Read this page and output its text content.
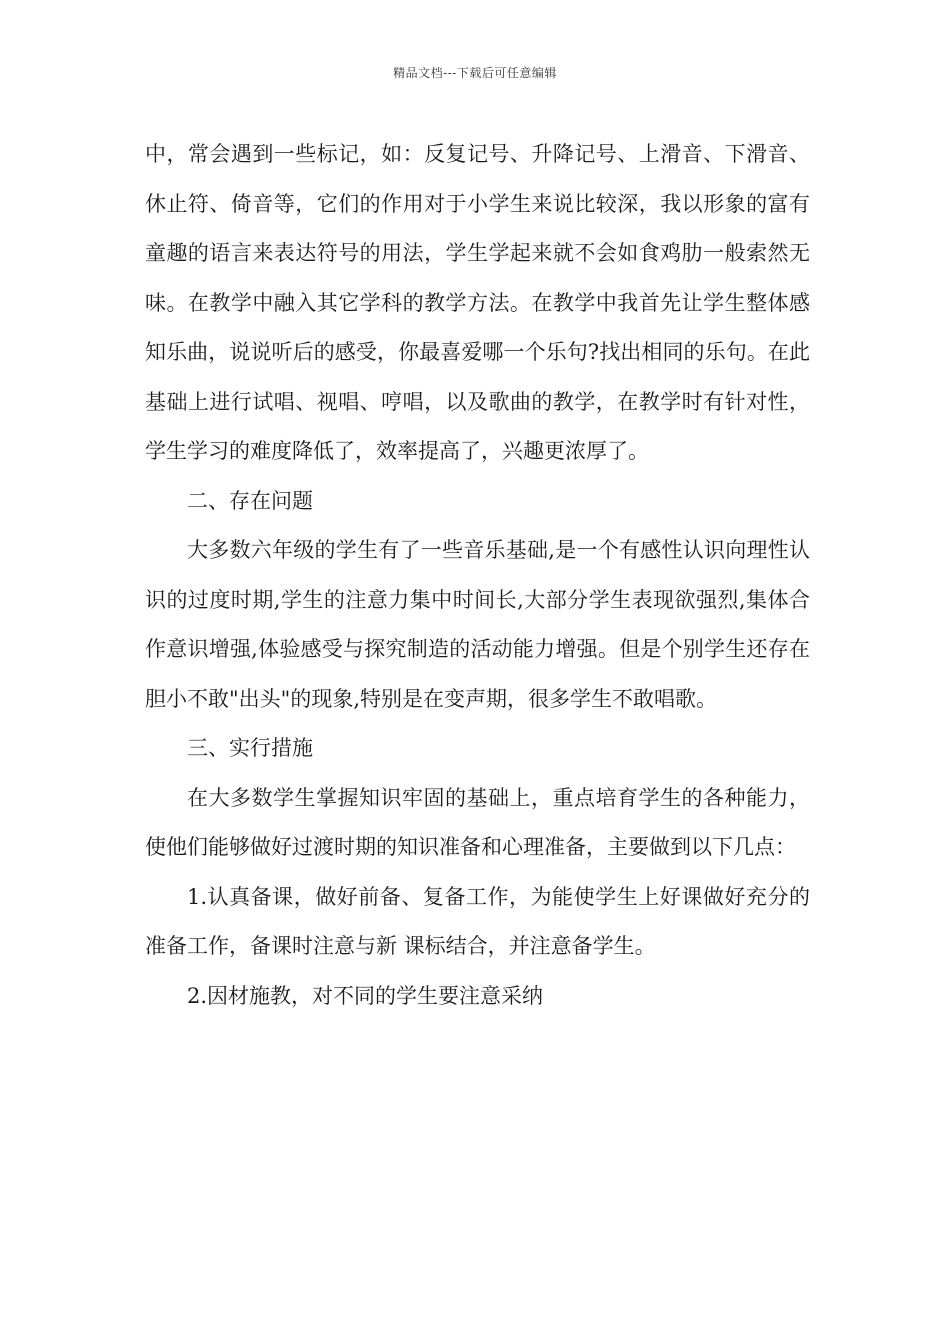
精品文档---下载后可任意编辑

中，常会遇到一些标记，如：反复记号、升降记号、上滑音、下滑音、休止符、倚音等，它们的作用对于小学生来说比较深，我以形象的富有童趣的语言来表达符号的用法，学生学起来就不会如食鸡肋一般索然无味。在教学中融入其它学科的教学方法。在教学中我首先让学生整体感知乐曲，说说听后的感受，你最喜爱哪一个乐句?找出相同的乐句。在此基础上进行试唱、视唱、哼唱，以及歌曲的教学，在教学时有针对性，学生学习的难度降低了，效率提高了，兴趣更浓厚了。

二、存在问题

大多数六年级的学生有了一些音乐基础,是一个有感性认识向理性认识的过度时期,学生的注意力集中时间长,大部分学生表现欲强烈,集体合作意识增强,体验感受与探究制造的活动能力增强。但是个别学生还存在胆小不敢"出头"的现象,特别是在变声期，很多学生不敢唱歌。

三、实行措施

在大多数学生掌握知识牢固的基础上，重点培育学生的各种能力，使他们能够做好过渡时期的知识准备和心理准备，主要做到以下几点：

1.认真备课，做好前备、复备工作，为能使学生上好课做好充分的准备工作，备课时注意与新 课标结合，并注意备学生。

2.因材施教，对不同的学生要注意采纳
